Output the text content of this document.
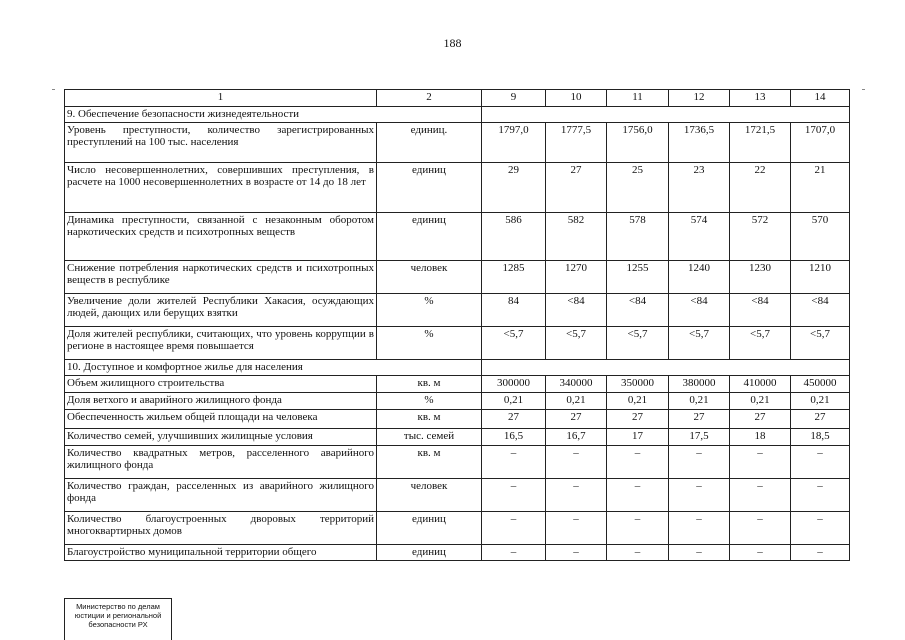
188
1	2	9	10	11	12	13	14
9. Обеспечение безопасности жизнедеятельности							
Уровень преступности, количество зарегистрированных преступлений на 100 тыс. населения	единиц.	1797,0	1777,5	1756,0	1736,5	1721,5	1707,0
Число несовершеннолетних, совершивших преступления, в расчете на 1000 несовершеннолетних в возрасте от 14 до 18 лет	единиц	29	27	25	23	22	21
Динамика преступности, связанной с незаконным оборотом наркотических средств и психотропных веществ	единиц	586	582	578	574	572	570
Снижение потребления наркотических средств и психотропных веществ в республике	человек	1285	1270	1255	1240	1230	1210
Увеличение доли жителей Республики Хакасия, осуждающих людей, дающих или берущих взятки	%	84	<84	<84	<84	<84	<84
Доля жителей республики, считающих, что уровень коррупции в регионе в настоящее время повышается	%	<5,7	<5,7	<5,7	<5,7	<5,7	<5,7
10. Доступное и комфортное жилье для населения							
Объем жилищного строительства	кв. м	300000	340000	350000	380000	410000	450000
Доля ветхого и аварийного жилищного фонда	%	0,21	0,21	0,21	0,21	0,21	0,21
Обеспеченность жильем общей площади на человека	кв. м	27	27	27	27	27	27
Количество семей, улучшивших жилищные условия	тыс. семей	16,5	16,7	17	17,5	18	18,5
Количество квадратных метров, расселенного аварийного жилищного фонда	кв. м	–	–	–	–	–	–
Количество граждан, расселенных из аварийного жилищного фонда	человек	–	–	–	–	–	–
Количество благоустроенных дворовых территорий многоквартирных домов	единиц	–	–	–	–	–	–
Благоустройство муниципальной территории общего	единиц	–	–	–	–	–	–
Министерство по делам
юстиции и региональной
безопасности РХ
